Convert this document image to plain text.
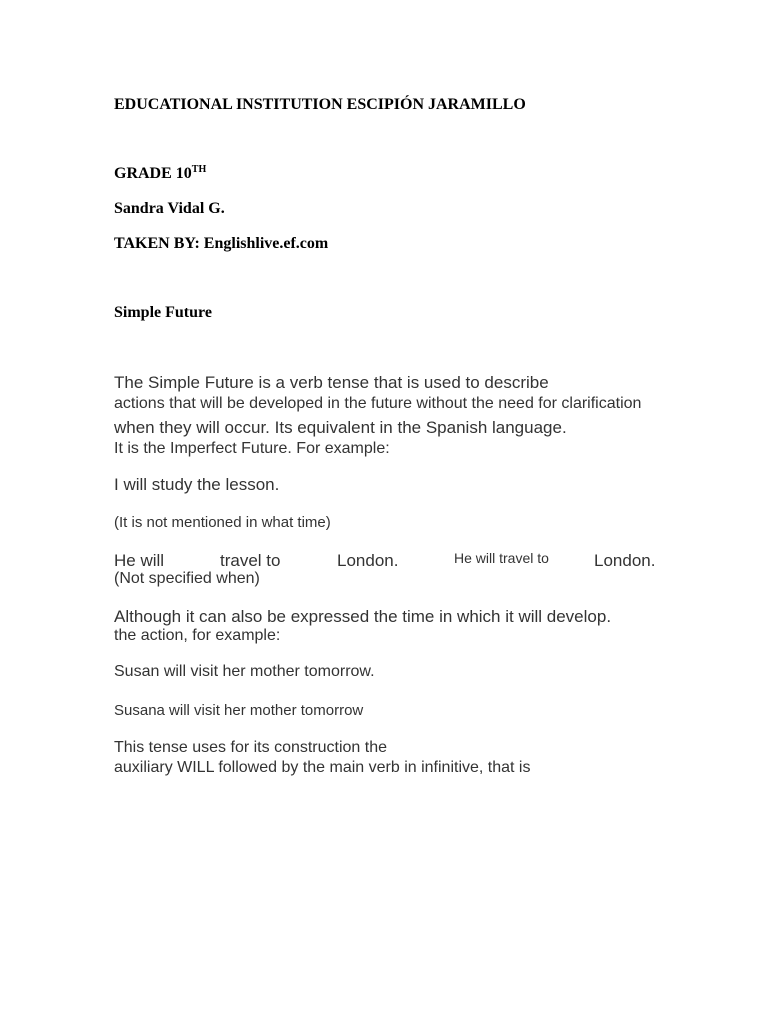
EDUCATIONAL INSTITUTION ESCIPIÓN JARAMILLO
GRADE 10TH
Sandra Vidal G.
TAKEN BY: Englishlive.ef.com
Simple Future
The Simple Future is a verb tense that is used to describe
actions that will be developed in the future without the need for clarification
when they will occur. Its equivalent in the Spanish language.
It is the Imperfect Future. For example:
I will study the lesson.
(It is not mentioned in what time)
He will	travel to	London.	He will travel to	London.
(Not specified when)
Although it can also be expressed the time in which it will develop.
the action, for example:
Susan will visit her mother tomorrow.
Susana will visit her mother tomorrow
This tense uses for its construction the
auxiliary WILL followed by the main verb in infinitive, that is
